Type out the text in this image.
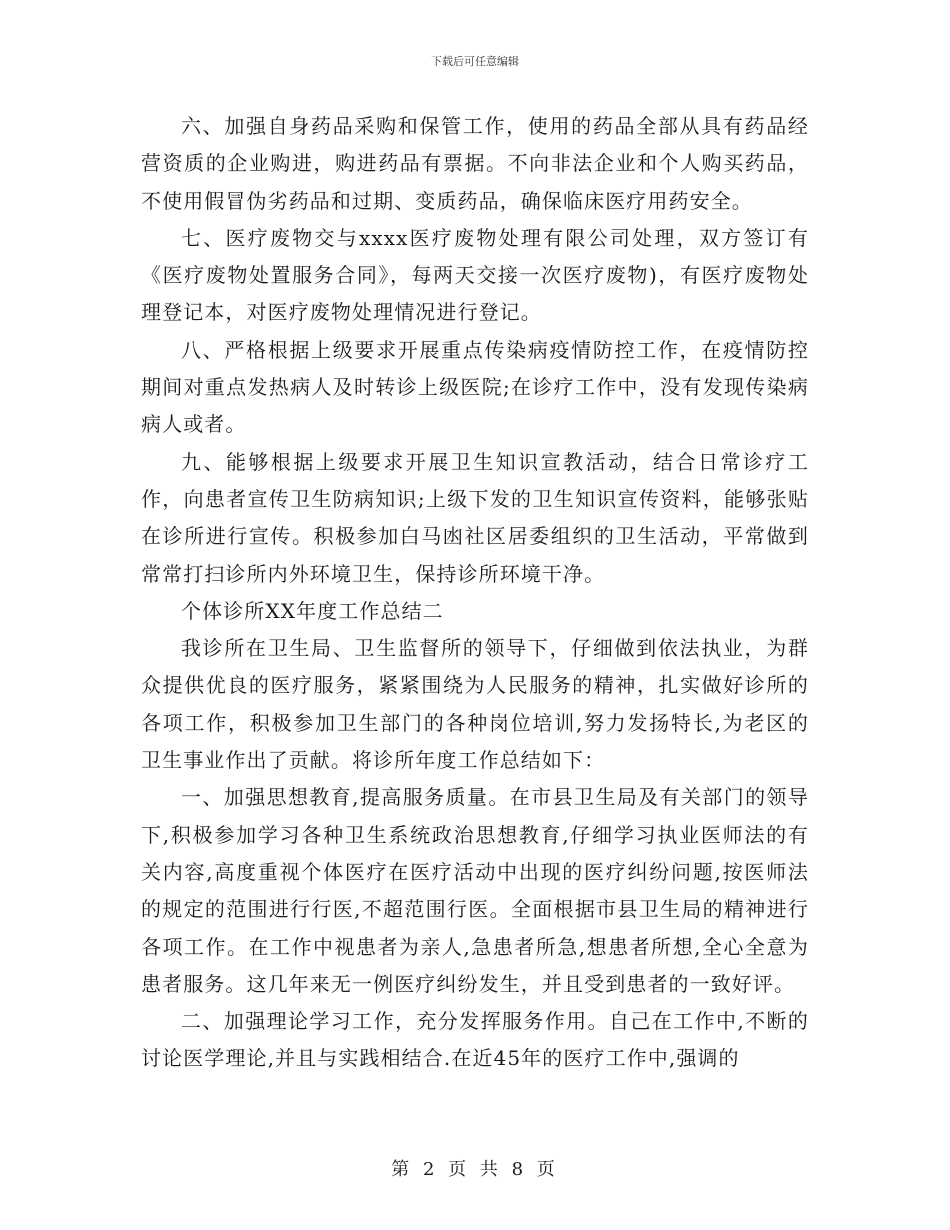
下载后可任意编辑

六、加强自身药品采购和保管工作，使用的药品全部从具有药品经营资质的企业购进，购进药品有票据。不向非法企业和个人购买药品，不使用假冒伪劣药品和过期、变质药品，确保临床医疗用药安全。

七、医疗废物交与xxxx医疗废物处理有限公司处理，双方签订有《医疗废物处置服务合同》，每两天交接一次医疗废物)，有医疗废物处理登记本，对医疗废物处理情况进行登记。

八、严格根据上级要求开展重点传染病疫情防控工作，在疫情防控期间对重点发热病人及时转诊上级医院;在诊疗工作中，没有发现传染病病人或者。

九、能够根据上级要求开展卫生知识宣教活动，结合日常诊疗工作，向患者宣传卫生防病知识;上级下发的卫生知识宣传资料，能够张贴在诊所进行宣传。积极参加白马凼社区居委组织的卫生活动，平常做到常常打扫诊所内外环境卫生，保持诊所环境干净。

个体诊所XX年度工作总结二

我诊所在卫生局、卫生监督所的领导下，仔细做到依法执业，为群众提供优良的医疗服务，紧紧围绕为人民服务的精神，扎实做好诊所的各项工作，积极参加卫生部门的各种岗位培训,努力发扬特长,为老区的卫生事业作出了贡献。将诊所年度工作总结如下：

一、加强思想教育,提高服务质量。在市县卫生局及有关部门的领导下,积极参加学习各种卫生系统政治思想教育,仔细学习执业医师法的有关内容,高度重视个体医疗在医疗活动中出现的医疗纠纷问题,按医师法的规定的范围进行行医,不超范围行医。全面根据市县卫生局的精神进行各项工作。在工作中视患者为亲人,急患者所急,想患者所想,全心全意为患者服务。这几年来无一例医疗纠纷发生，并且受到患者的一致好评。

二、加强理论学习工作，充分发挥服务作用。自己在工作中,不断的讨论医学理论,并且与实践相结合.在近45年的医疗工作中,强调的

第 2 页 共 8 页
